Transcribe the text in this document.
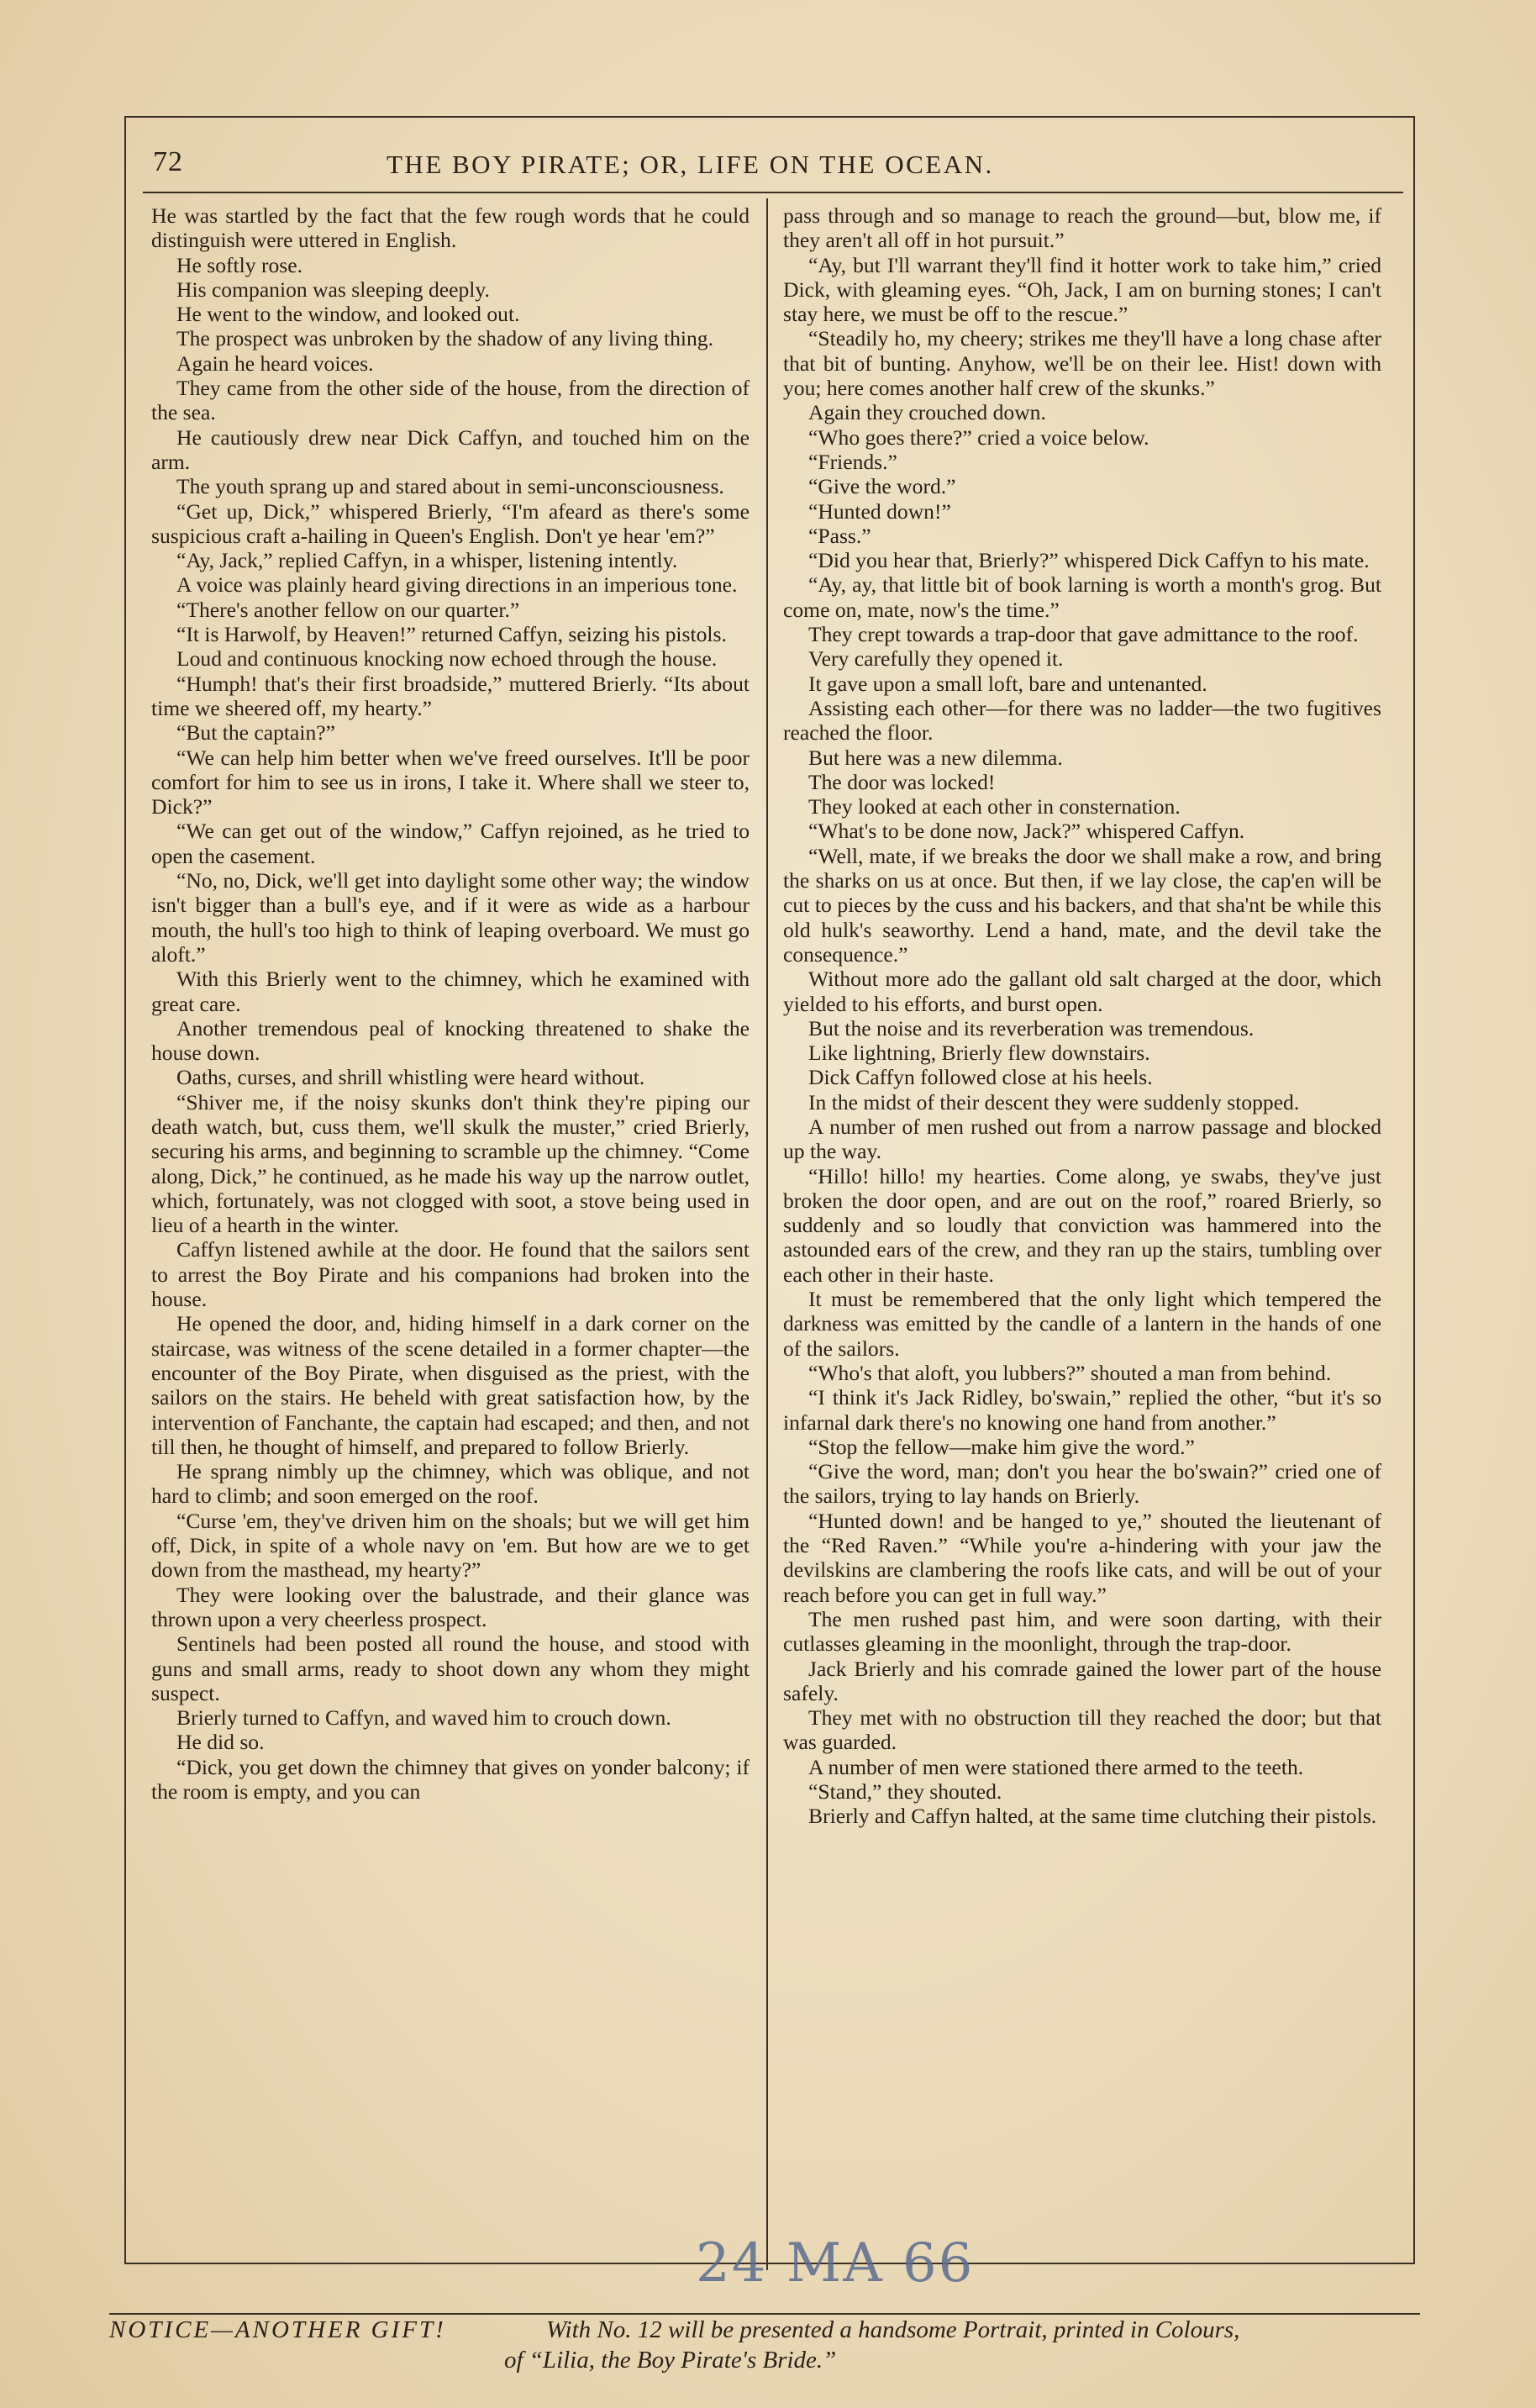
72	THE BOY PIRATE; OR, LIFE ON THE OCEAN.

He was startled by the fact that the few rough words that he could distinguish were uttered in English.

He softly rose.

His companion was sleeping deeply.

He went to the window, and looked out.

The prospect was unbroken by the shadow of any living thing.

Again he heard voices.

They came from the other side of the house, from the direction of the sea.

He cautiously drew near Dick Caffyn, and touched him on the arm.

The youth sprang up and stared about in semi-unconsciousness.

“Get up, Dick,” whispered Brierly, “I'm afeard as there's some suspicious craft a-hailing in Queen's English. Don't ye hear 'em?”

“Ay, Jack,” replied Caffyn, in a whisper, listening intently.

A voice was plainly heard giving directions in an imperious tone.

“There's another fellow on our quarter.”

“It is Harwolf, by Heaven!” returned Caffyn, seizing his pistols.

Loud and continuous knocking now echoed through the house.

“Humph! that's their first broadside,” muttered Brierly. “Its about time we sheered off, my hearty.”

“But the captain?”

“We can help him better when we've freed ourselves. It'll be poor comfort for him to see us in irons, I take it. Where shall we steer to, Dick?”

“We can get out of the window,” Caffyn rejoined, as he tried to open the casement.

“No, no, Dick, we'll get into daylight some other way; the window isn't bigger than a bull's eye, and if it were as wide as a harbour mouth, the hull's too high to think of leaping overboard. We must go aloft.”

With this Brierly went to the chimney, which he examined with great care.

Another tremendous peal of knocking threatened to shake the house down.

Oaths, curses, and shrill whistling were heard without.

“Shiver me, if the noisy skunks don't think they're piping our death watch, but, cuss them, we'll skulk the muster,” cried Brierly, securing his arms, and beginning to scramble up the chimney. “Come along, Dick,” he continued, as he made his way up the narrow outlet, which, fortunately, was not clogged with soot, a stove being used in lieu of a hearth in the winter.

Caffyn listened awhile at the door. He found that the sailors sent to arrest the Boy Pirate and his companions had broken into the house.

He opened the door, and, hiding himself in a dark corner on the staircase, was witness of the scene detailed in a former chapter—the encounter of the Boy Pirate, when disguised as the priest, with the sailors on the stairs. He beheld with great satisfaction how, by the intervention of Fanchante, the captain had escaped; and then, and not till then, he thought of himself, and prepared to follow Brierly.

He sprang nimbly up the chimney, which was oblique, and not hard to climb; and soon emerged on the roof.

“Curse 'em, they've driven him on the shoals; but we will get him off, Dick, in spite of a whole navy on 'em. But how are we to get down from the masthead, my hearty?”

They were looking over the balustrade, and their glance was thrown upon a very cheerless prospect.

Sentinels had been posted all round the house, and stood with guns and small arms, ready to shoot down any whom they might suspect.

Brierly turned to Caffyn, and waved him to crouch down.

He did so.

“Dick, you get down the chimney that gives on yonder balcony; if the room is empty, and you can

pass through and so manage to reach the ground—but, blow me, if they aren't all off in hot pursuit.”

“Ay, but I'll warrant they'll find it hotter work to take him,” cried Dick, with gleaming eyes. “Oh, Jack, I am on burning stones; I can't stay here, we must be off to the rescue.”

“Steadily ho, my cheery; strikes me they'll have a long chase after that bit of bunting. Anyhow, we'll be on their lee. Hist! down with you; here comes another half crew of the skunks.”

Again they crouched down.

“Who goes there?” cried a voice below.

“Friends.”

“Give the word.”

“Hunted down!”

“Pass.”

“Did you hear that, Brierly?” whispered Dick Caffyn to his mate.

“Ay, ay, that little bit of book larning is worth a month's grog. But come on, mate, now's the time.”

They crept towards a trap-door that gave admittance to the roof.

Very carefully they opened it.

It gave upon a small loft, bare and untenanted.

Assisting each other—for there was no ladder—the two fugitives reached the floor.

But here was a new dilemma.

The door was locked!

They looked at each other in consternation.

“What's to be done now, Jack?” whispered Caffyn.

“Well, mate, if we breaks the door we shall make a row, and bring the sharks on us at once. But then, if we lay close, the cap'en will be cut to pieces by the cuss and his backers, and that sha'nt be while this old hulk's seaworthy. Lend a hand, mate, and the devil take the consequence.”

Without more ado the gallant old salt charged at the door, which yielded to his efforts, and burst open.

But the noise and its reverberation was tremendous.

Like lightning, Brierly flew downstairs.

Dick Caffyn followed close at his heels.

In the midst of their descent they were suddenly stopped.

A number of men rushed out from a narrow passage and blocked up the way.

“Hillo! hillo! my hearties. Come along, ye swabs, they've just broken the door open, and are out on the roof,” roared Brierly, so suddenly and so loudly that conviction was hammered into the astounded ears of the crew, and they ran up the stairs, tumbling over each other in their haste.

It must be remembered that the only light which tempered the darkness was emitted by the candle of a lantern in the hands of one of the sailors.

“Who's that aloft, you lubbers?” shouted a man from behind.

“I think it's Jack Ridley, bo'swain,” replied the other, “but it's so infarnal dark there's no knowing one hand from another.”

“Stop the fellow—make him give the word.”

“Give the word, man; don't you hear the bo'swain?” cried one of the sailors, trying to lay hands on Brierly.

“Hunted down! and be hanged to ye,” shouted the lieutenant of the “Red Raven.” “While you're a-hindering with your jaw the devilskins are clambering the roofs like cats, and will be out of your reach before you can get in full way.”

The men rushed past him, and were soon darting, with their cutlasses gleaming in the moonlight, through the trap-door.

Jack Brierly and his comrade gained the lower part of the house safely.

They met with no obstruction till they reached the door; but that was guarded.

A number of men were stationed there armed to the teeth.

“Stand,” they shouted.

Brierly and Caffyn halted, at the same time clutching their pistols.

24 MA 66
NOTICE—ANOTHER GIFT!	With No. 12 will be presented a handsome Portrait, printed in Colours,
of “Lilia, the Boy Pirate's Bride.”
